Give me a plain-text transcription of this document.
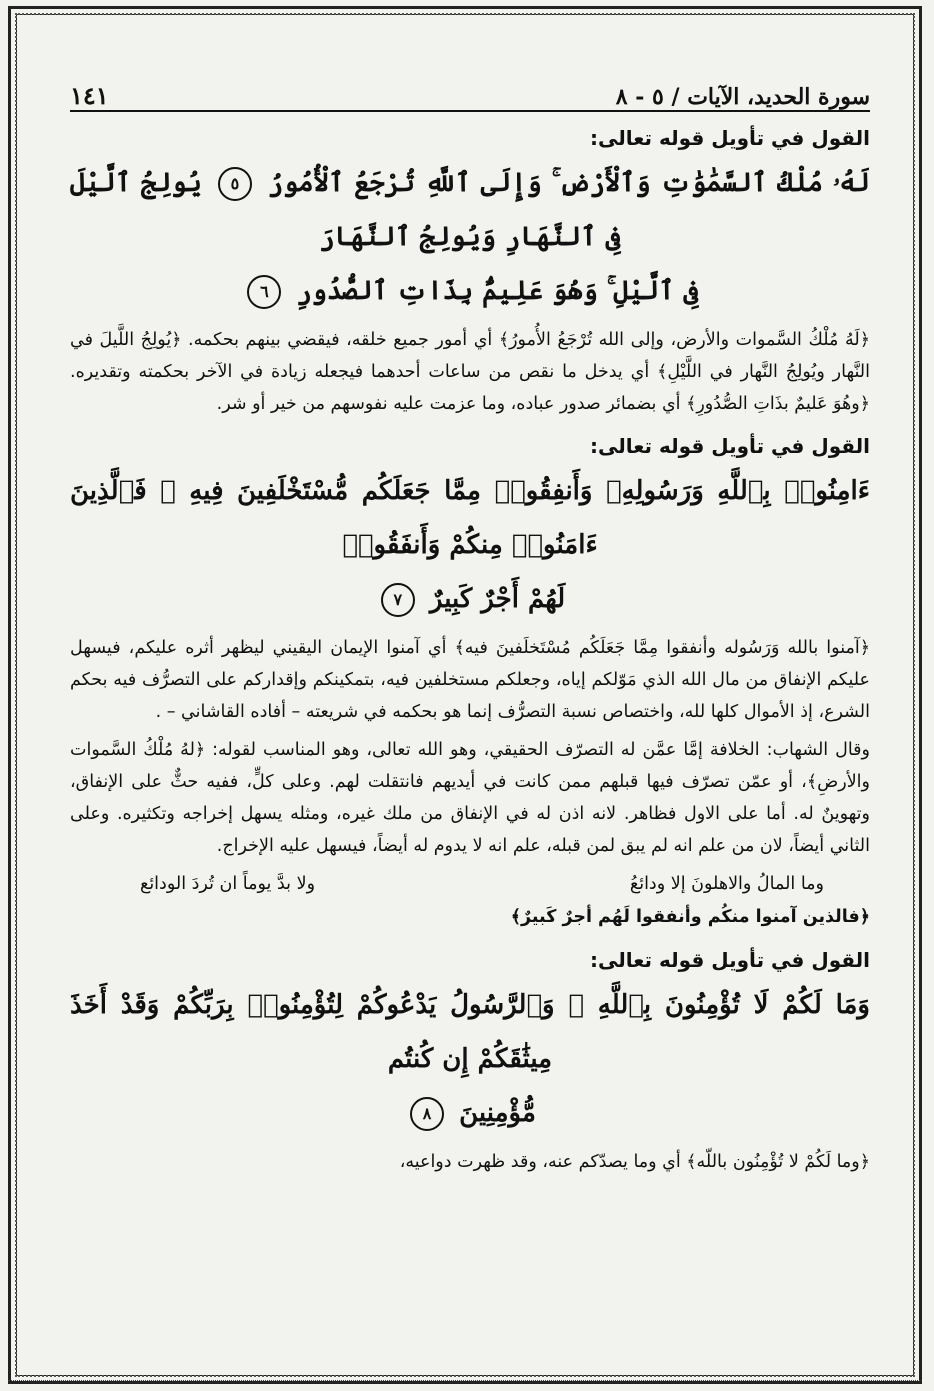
سورة الحديد، الآيات / ٥ - ٨
١٤١
القول في تأويل قوله تعالى:
لَهُۥ مُلْكُ ٱلسَّمَٰوَٰتِ وَٱلْأَرْضِ ۚ وَإِلَى ٱللَّهِ تُرْجَعُ ٱلْأُمُورُ ٥ يُولِجُ ٱلَّيْلَ فِى ٱلنَّهَارِ وَيُولِجُ ٱلنَّهَارَ
فِى ٱلَّيْلِ ۚ وَهُوَ عَلِيمٌۢ بِذَاتِ ٱلصُّدُورِ ٦
﴿لَهُ مُلْكُ السَّموات والأرض، وإلى الله تُرْجَعُ الأُمورُ﴾ أي أمور جميع خلقه، فيقضي بينهم بحكمه. ﴿يُولِجُ اللَّيلَ في النَّهار ويُولِجُ النَّهار في اللَّيْلِ﴾ أي يدخل ما نقص من ساعات أحدهما فيجعله زيادة في الآخر بحكمته وتقديره. ﴿وهُوَ عَليمٌ بذَاتِ الصُّدُورِ﴾ أي بضمائر صدور عباده، وما عزمت عليه نفوسهم من خير أو شر.
القول في تأويل قوله تعالى:
ءَامِنُوا۟ بِٱللَّهِ وَرَسُولِهِۦ وَأَنفِقُوا۟ مِمَّا جَعَلَكُم مُّسْتَخْلَفِينَ فِيهِ ۖ فَٱلَّذِينَ ءَامَنُوا۟ مِنكُمْ وَأَنفَقُوا۟
لَهُمْ أَجْرٌ كَبِيرٌ ٧
﴿آمنوا بالله وَرَسُوله وأنفقوا مِمَّا جَعَلَكُم مُسْتَخلَفينَ فيه﴾ أي آمنوا الإيمان اليقيني ليظهر أثره عليكم، فيسهل عليكم الإنفاق من مال الله الذي مَوّلكم إياه، وجعلكم مستخلفين فيه، بتمكينكم وإقداركم على التصرُّف فيه بحكم الشرع، إذ الأموال كلها لله، واختصاص نسبة التصرُّف إنما هو بحكمه في شريعته – أفاده القاشاني – .
وقال الشهاب: الخلافة إمَّا عمَّن له التصرّف الحقيقي، وهو الله تعالى، وهو المناسب لقوله: ﴿لهُ مُلْكُ السَّموات والأرضِ﴾، أو عمّن تصرّف فيها قبلهم ممن كانت في أيديهم فانتقلت لهم. وعلى كلٍّ، ففيه حثٌّ على الإنفاق، وتهوينٌ له. أما على الاول فظاهر. لانه اذن له في الإنفاق من ملك غيره، ومثله يسهل إخراجه وتكثيره. وعلى الثاني أيضاً، لان من علم انه لم يبق لمن قبله، علم انه لا يدوم له أيضاً، فيسهل عليه الإخراج.
وما المالُ والاهلونَ إلا ودائعُ
ولا بدَّ يوماً ان تُردَ الودائع
﴿فالذين آمنوا منكُم وأنفقوا لَهُم أجرٌ كَبيرٌ﴾
القول في تأويل قوله تعالى:
وَمَا لَكُمْ لَا تُؤْمِنُونَ بِٱللَّهِ ۙ وَٱلرَّسُولُ يَدْعُوكُمْ لِتُؤْمِنُوا۟ بِرَبِّكُمْ وَقَدْ أَخَذَ مِيثَٰقَكُمْ إِن كُنتُم
مُّؤْمِنِينَ ٨
﴿وما لَكُمْ لا تُؤْمِنُون باللّه﴾ أي وما يصدّكم عنه، وقد ظهرت دواعيه،
